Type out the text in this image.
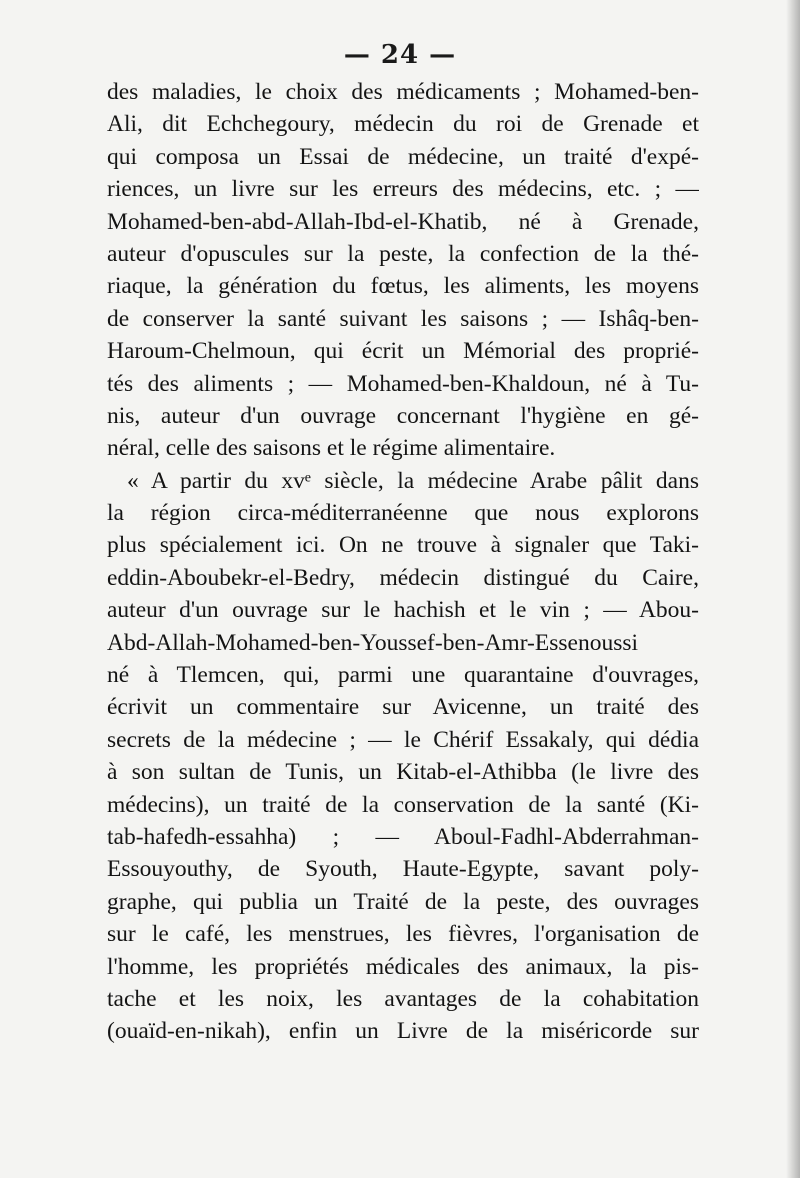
— 24 —
des maladies, le choix des médicaments ; Mohamed-ben-
Ali, dit Echchegoury, médecin du roi de Grenade et
qui composa un Essai de médecine, un traité d'expé-
riences, un livre sur les erreurs des médecins, etc. ; —
Mohamed-ben-abd-Allah-Ibd-el-Khatib, né à Grenade,
auteur d'opuscules sur la peste, la confection de la thé-
riaque, la génération du fœtus, les aliments, les moyens
de conserver la santé suivant les saisons ; — Ishâq-ben-
Haroum-Chelmoun, qui écrit un Mémorial des proprié-
tés des aliments ; — Mohamed-ben-Khaldoun, né à Tu-
nis, auteur d'un ouvrage concernant l'hygiène en gé-
néral, celle des saisons et le régime alimentaire.
« A partir du xvᵉ siècle, la médecine Arabe pâlit dans
la région circa-méditerranéenne que nous explorons
plus spécialement ici. On ne trouve à signaler que Taki-
eddin-Aboubekr-el-Bedry, médecin distingué du Caire,
auteur d'un ouvrage sur le hachish et le vin ; — Abou-
Abd-Allah-Mohamed-ben-Youssef-ben-Amr-Essenoussi
né à Tlemcen, qui, parmi une quarantaine d'ouvrages,
écrivit un commentaire sur Avicenne, un traité des
secrets de la médecine ; — le Chérif Essakaly, qui dédia
à son sultan de Tunis, un Kitab-el-Athibba (le livre des
médecins), un traité de la conservation de la santé (Ki-
tab-hafedh-essahha) ; — Aboul-Fadhl-Abderrahman-
Essouyouthy, de Syouth, Haute-Egypte, savant poly-
graphe, qui publia un Traité de la peste, des ouvrages
sur le café, les menstrues, les fièvres, l'organisation de
l'homme, les propriétés médicales des animaux, la pis-
tache et les noix, les avantages de la cohabitation
(ouaïd-en-nikah), enfin un Livre de la miséricorde sur
